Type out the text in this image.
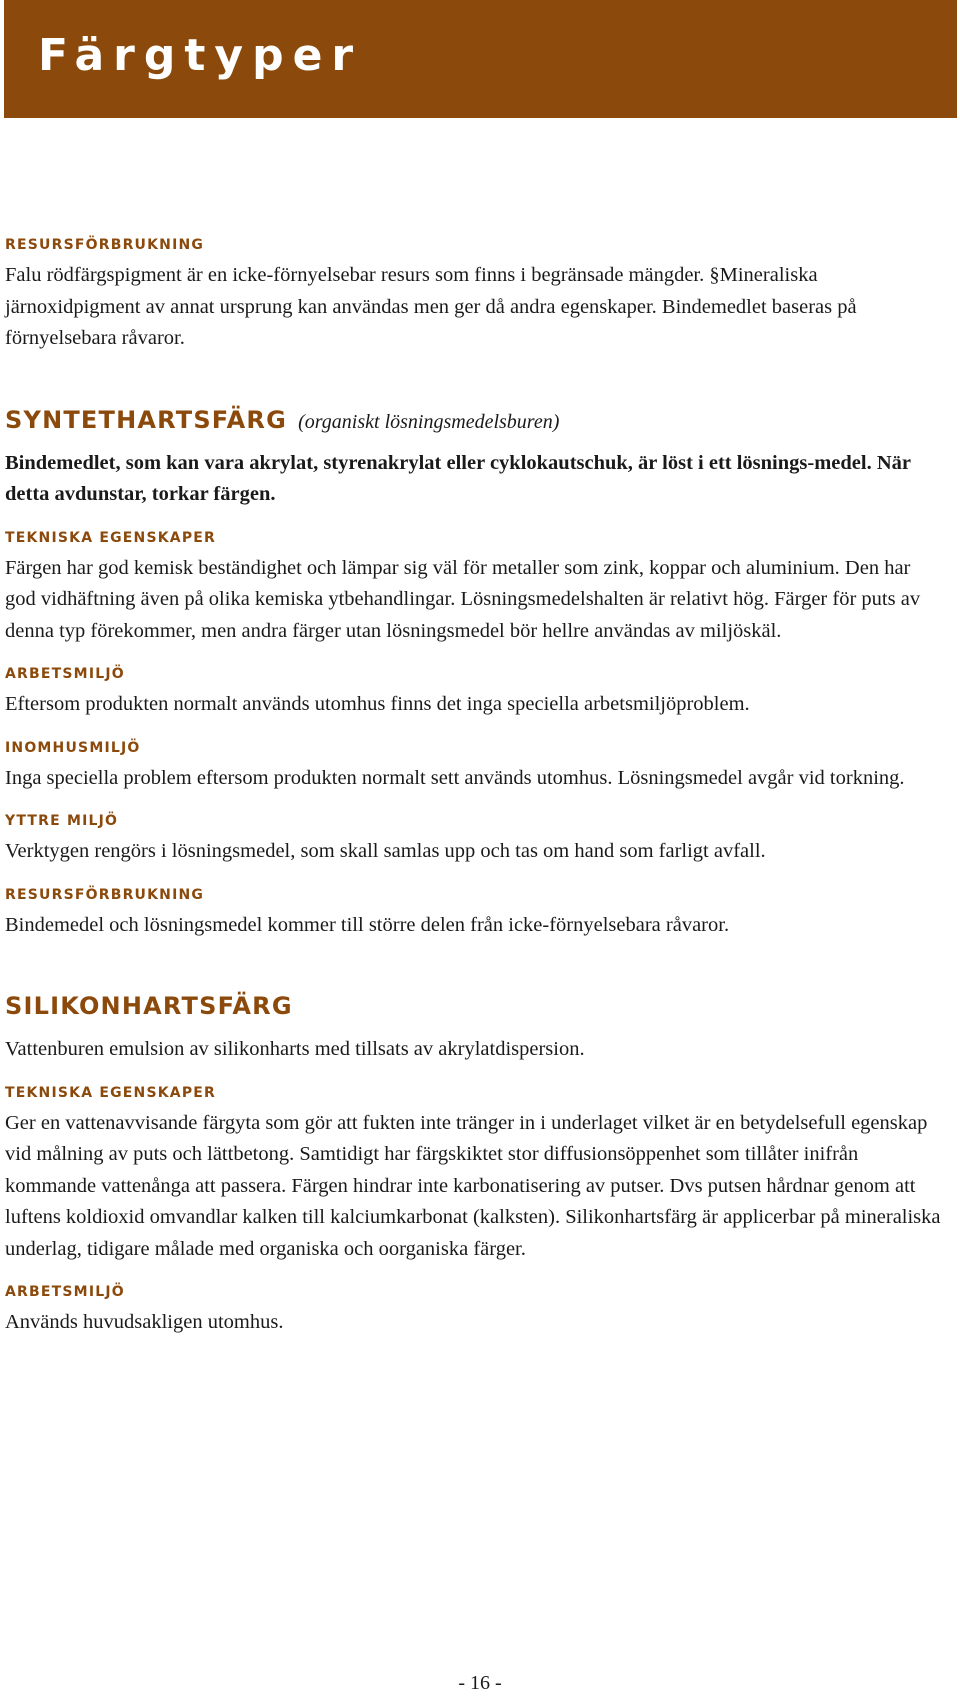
Färgtyper
RESURSFÖRBRUKNING

Falu rödfärgspigment är en icke-förnyelsebar resurs som finns i begränsade mängder. §Mineraliska järnoxidpigment av annat ursprung kan användas men ger då andra egenskaper. Bindemedlet baseras på förnyelsebara råvaror.

SYNTETHARTSFÄRG (organiskt lösningsmedelsburen)

Bindemedlet, som kan vara akrylat, styrenakrylat eller cyklokautschuk, är löst i ett lösnings-medel. När detta avdunstar, torkar färgen.

TEKNISKA EGENSKAPER

Färgen har god kemisk beständighet och lämpar sig väl för metaller som zink, koppar och aluminium. Den har god vidhäftning även på olika kemiska ytbehandlingar. Lösningsmedelshalten är relativt hög. Färger för puts av denna typ förekommer, men andra färger utan lösningsmedel bör hellre användas av miljöskäl.

ARBETSMILJÖ

Eftersom produkten normalt används utomhus finns det inga speciella arbetsmiljöproblem.

INOMHUSMILJÖ

Inga speciella problem eftersom produkten normalt sett används utomhus. Lösningsmedel avgår vid torkning.

YTTRE MILJÖ

Verktygen rengörs i lösningsmedel, som skall samlas upp och tas om hand som farligt avfall.

RESURSFÖRBRUKNING

Bindemedel och lösningsmedel kommer till större delen från icke-förnyelsebara råvaror.

SILIKONHARTSFÄRG

Vattenburen emulsion av silikonharts med tillsats av akrylatdispersion.

TEKNISKA EGENSKAPER

Ger en vattenavvisande färgyta som gör att fukten inte tränger in i underlaget vilket är en betydelsefull egenskap vid målning av puts och lättbetong. Samtidigt har färgskiktet stor diffusionsöppenhet som tillåter inifrån kommande vattenånga att passera. Färgen hindrar inte karbonatisering av putser. Dvs putsen hårdnar genom att luftens koldioxid omvandlar kalken till kalciumkarbonat (kalksten). Silikonhartsfärg är applicerbar på mineraliska underlag, tidigare målade med organiska och oorganiska färger.

ARBETSMILJÖ

Används huvudsakligen utomhus.

- 16 -
